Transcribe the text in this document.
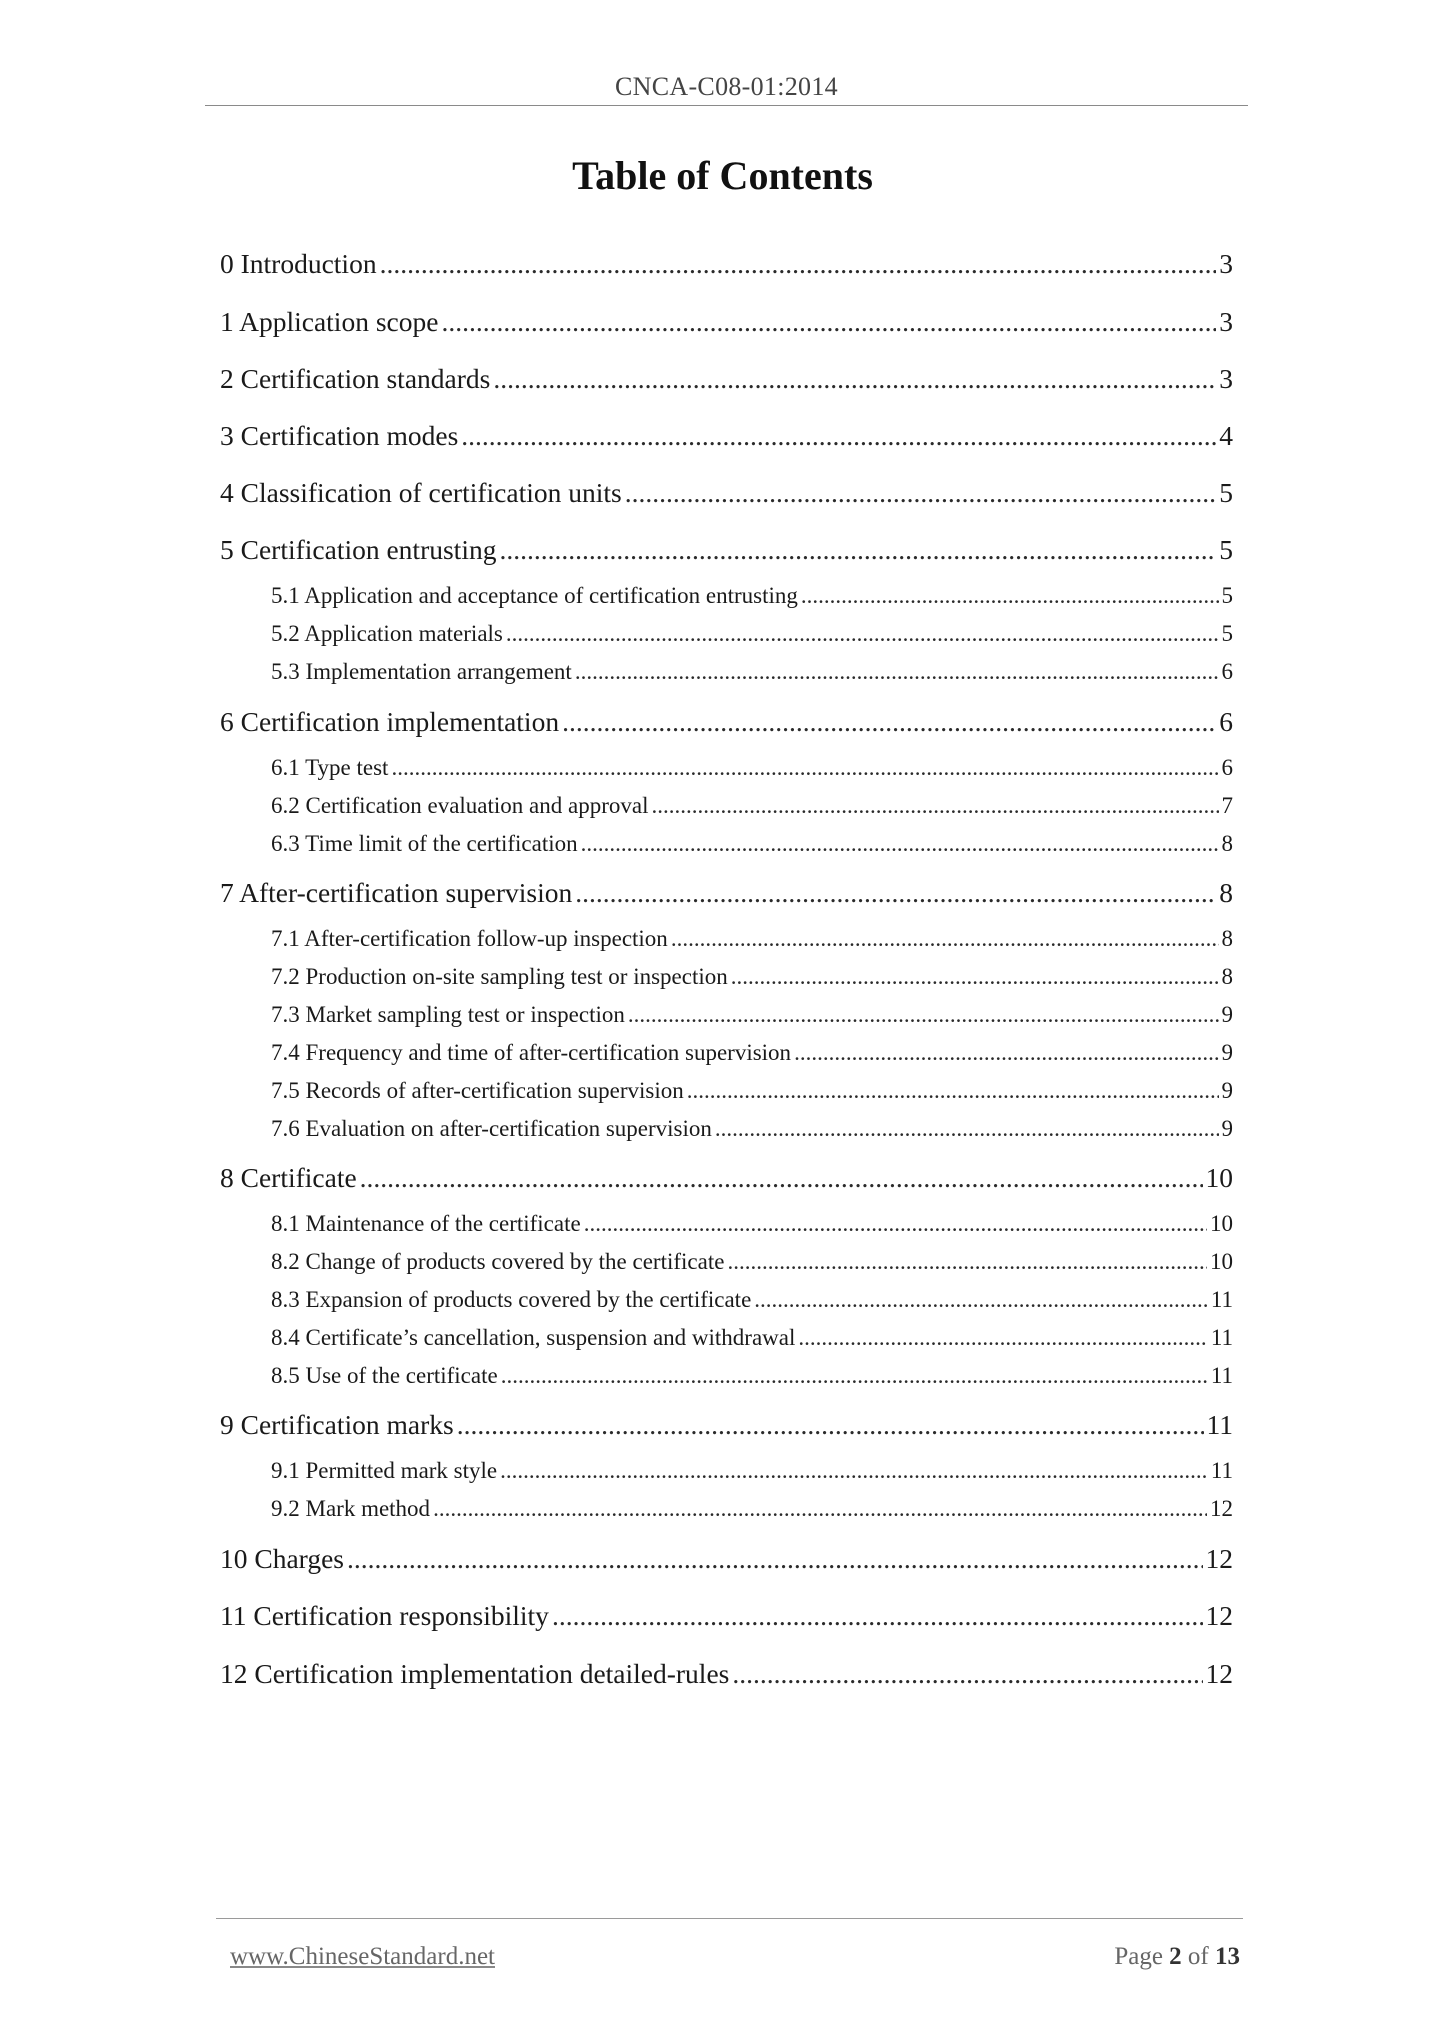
CNCA-C08-01:2014
Table of Contents
0 Introduction .....	3
1 Application scope .....	3
2 Certification standards .....	3
3 Certification modes .....	4
4 Classification of certification units .....	5
5 Certification entrusting .....	5
5.1 Application and acceptance of certification entrusting .....	5
5.2 Application materials .....	5
5.3 Implementation arrangement .....	6
6 Certification implementation .....	6
6.1 Type test .....	6
6.2 Certification evaluation and approval .....	7
6.3 Time limit of the certification .....	8
7 After-certification supervision .....	8
7.1 After-certification follow-up inspection .....	8
7.2 Production on-site sampling test or inspection .....	8
7.3 Market sampling test or inspection .....	9
7.4 Frequency and time of after-certification supervision .....	9
7.5 Records of after-certification supervision .....	9
7.6 Evaluation on after-certification supervision .....	9
8 Certificate .....	10
8.1 Maintenance of the certificate .....	10
8.2 Change of products covered by the certificate .....	10
8.3 Expansion of products covered by the certificate .....	11
8.4 Certificate’s cancellation, suspension and withdrawal .....	11
8.5 Use of the certificate .....	11
9 Certification marks .....	11
9.1 Permitted mark style .....	11
9.2 Mark method .....	12
10 Charges .....	12
11 Certification responsibility .....	12
12 Certification implementation detailed-rules .....	12
www.ChineseStandard.net	Page 2 of 13
